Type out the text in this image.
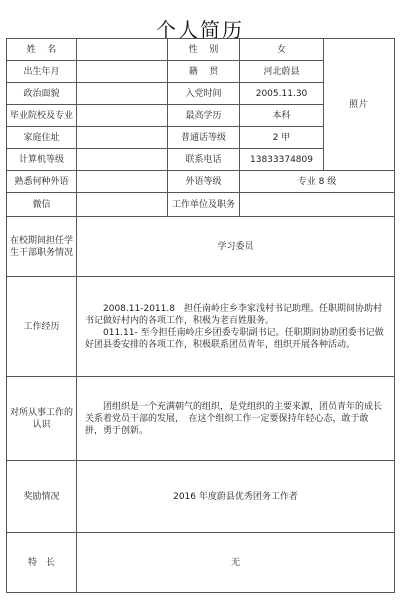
个人简历
姓    名		性    别	女	照片
出生年月		籍    贯	河北蔚县	
政治面貌		入党时间	2005.11.30	
毕业院校及专业		最高学历	本科	
家庭住址		普通话等级	2 甲	
计算机等级		联系电话	13833374809	
熟悉何种外语		外语等级	专业 8 级	
微信		工作单位及职务		
在校期间担任学生干部职务情况	学习委员			
工作经历	2008.11-2011.8　担任南岭庄乡李家浅村书记助理。任职期间协助村书记做好村内的各项工作，积极为老百姓服务。

011.11- 至今担任南岭庄乡团委专职副书记。任职期间协助团委书记做好团县委安排的各项工作，积极联系团员青年，组织开展各种活动。			

对所从事工作的认识	团组织是一个充满朝气的组织，是党组织的主要来源，团员青年的成长关系着党员干部的发展，　在这个组织工作一定要保持年轻心态，敢于敢拼，勇于创新。			

奖励情况	2016 年度蔚县优秀团务工作者			
特　长	无			
